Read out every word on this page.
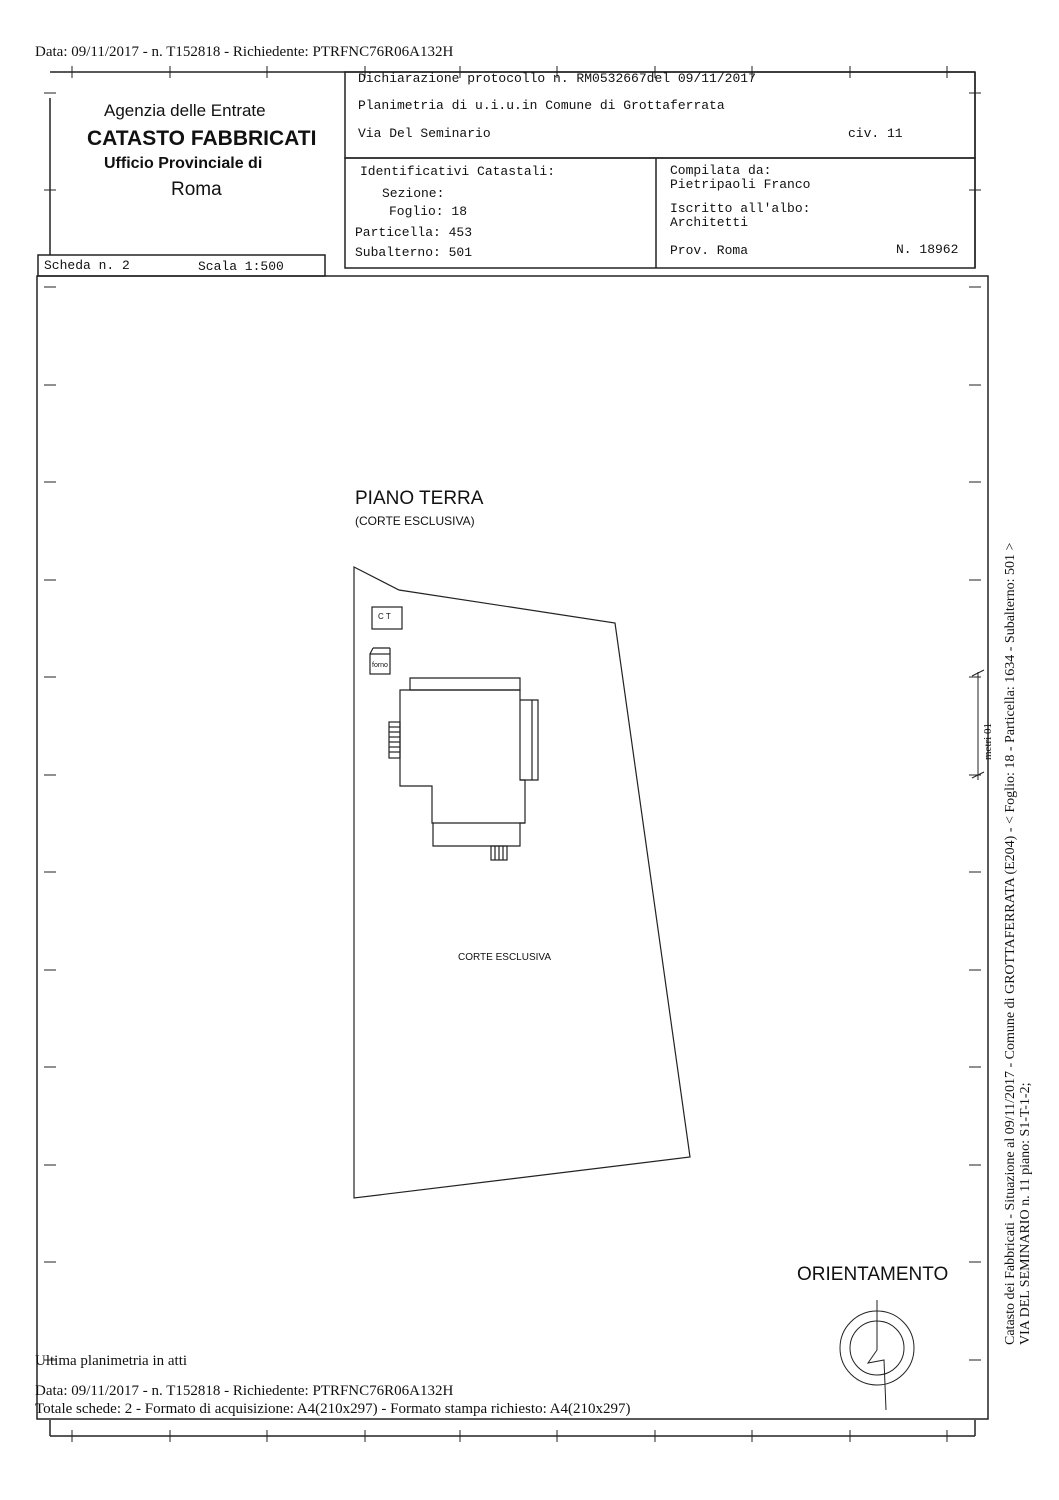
Data: 09/11/2017 - n. T152818 - Richiedente: PTRFNC76R06A132H
Agenzia delle Entrate
CATASTO FABBRICATI
Ufficio Provinciale di
Roma
Scheda n. 2	Scala 1:500
Dichiarazione protocollo n. RM0532667del 09/11/2017
Planimetria di u.i.u.in Comune di Grottaferrata
Via Del Seminario	civ. 11
Identificativi Catastali:
Sezione:
Foglio: 18
Particella: 453
Subalterno: 501
Compilata da:
Pietripaoli Franco
Iscritto all'albo:
Architetti
Prov. Roma	N. 18962
PIANO TERRA
(CORTE ESCLUSIVA)
C T
forno
CORTE ESCLUSIVA
metri 01
ORIENTAMENTO	Catasto dei Fabbricati - Situazione al 09/11/2017 - Comune di GROTTAFERRATA (E204) - < Foglio: 18 - Particella: 1634 - Subalterno: 501 > VIA DEL SEMINARIO n. 11 piano: S1-T-1-2;
Ultima planimetria in atti
Data: 09/11/2017 - n. T152818 - Richiedente: PTRFNC76R06A132H
Totale schede: 2 - Formato di acquisizione: A4(210x297) - Formato stampa richiesto: A4(210x297)
